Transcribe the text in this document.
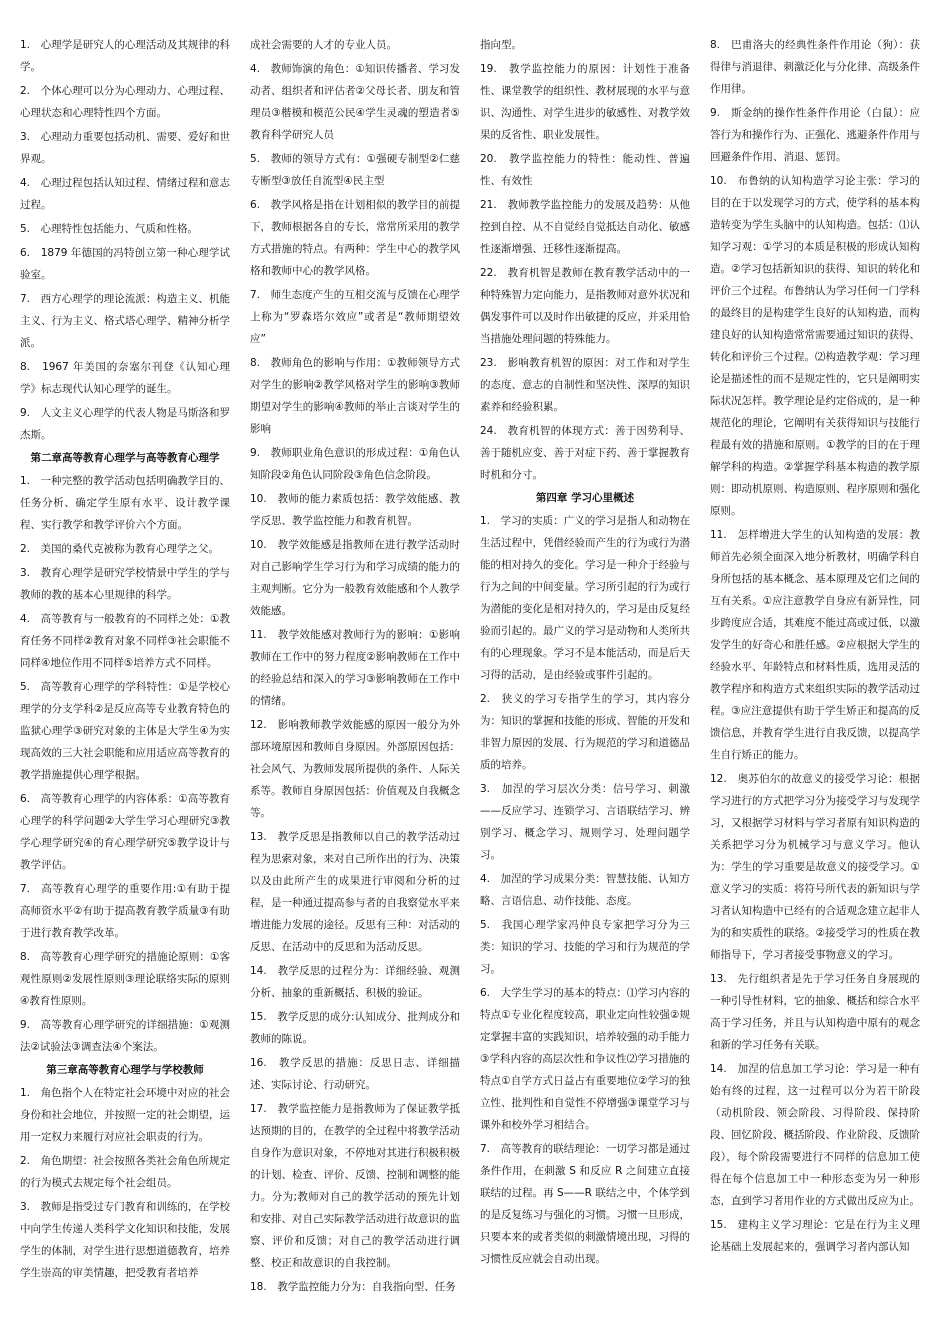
1.　心理学是研究人的心理活动及其规律的科学。

2.　个体心理可以分为心理动力、心理过程、心理状态和心理特性四个方面。

3.　心理动力重要包括动机、需要、爱好和世界观。

4.　心理过程包括认知过程、情绪过程和意志过程。

5.　心理特性包括能力、气质和性格。

6.　1879 年德国的冯特创立第一种心理学试验室。

7.　西方心理学的理论流派：构造主义、机能主义、行为主义、格式塔心理学、精神分析学派。

8.　1967 年美国的奈塞尔刊登《认知心理学》标志现代认知心理学的诞生。

9.　人文主义心理学的代表人物是马斯洛和罗杰斯。

第二章高等教育心理学与高等教育心理学

1.　一种完整的教学活动包括明确教学目的、任务分析、确定学生原有水平、设计教学课程、实行教学和教学评价六个方面。

2.　美国的桑代克被称为教育心理学之父。

3.　教育心理学是研究学校情景中学生的学与教师的教的基本心里规律的科学。

4.　高等教育与一般教育的不同样之处：①教育任务不同样②教育对象不同样③社会职能不同样④地位作用不同样⑤培养方式不同样。

5.　高等教育心理学的学科特性：①是学校心理学的分支学科②是反应高等专业教育特色的监狱心理学③研究对象的主体是大学生④为实现高效的三大社会职能和应用适应高等教育的教学措施提供心理学根据。

6.　高等教育心理学的内容体系：①高等教育心理学的科学问题②大学生学习心理研究③教学心理学研究④的育心理学研究⑤教学设计与教学评估。

7.　高等教育心理学的重要作用:①有助于提高师资水平②有助于提高教育教学质量③有助于进行教育教学改革。

8.　高等教育心理学研究的措施论原则：①客观性原则②发展性原则③理论联络实际的原则④教育性原则。

9.　高等教育心理学研究的详细措施：①观测法②试验法③调查法④个案法。

第三章高等教育心理学与学校教师

1.　角色指个人在特定社会环境中对应的社会身份和社会地位，并按照一定的社会期望，运用一定权力来履行对应社会职责的行为。

2.　角色期望：社会按照各类社会角色所规定的行为模式去规定每个社会组员。

3.　教师是指受过专门教育和训练的，在学校中向学生传递人类科学文化知识和技能，发展学生的体制，对学生进行思想道德教育，培养学生崇高的审美情趣，把受教育者培养

成社会需要的人才的专业人员。

4.　教师饰演的角色：①知识传播者、学习发动者、组织者和评估者②父母长者、朋友和管理员③楷模和模范公民④学生灵魂的塑造者⑤教育科学研究人员

5.　教师的领导方式有：①强硬专制型②仁慈专断型③放任自流型④民主型

6.　教学风格是指在计划相似的教学目的前提下，教师根据各自的专长，常常所采用的教学方式措施的特点。有两种：学生中心的教学风格和教师中心的教学风格。

7.　师生态度产生的互相交流与反馈在心理学上称为“罗森塔尔效应”或者是“教师期望效应”

8.　教师角色的影响与作用：①教师领导方式对学生的影响②教学风格对学生的影响③教师期望对学生的影响④教师的举止言谈对学生的影响

9.　教师职业角色意识的形成过程：①角色认知阶段②角色认同阶段③角色信念阶段。

10.　教师的能力素质包括：教学效能感、教学反思、教学监控能力和教育机智。

10.　教学效能感是指教师在进行教学活动时对自己影响学生学习行为和学习成绩的能力的主观判断。它分为一般教育效能感和个人教学效能感。

11.　教学效能感对教师行为的影响：①影响教师在工作中的努力程度②影响教师在工作中的经验总结和深入的学习③影响教师在工作中的情绪。

12.　影响教师教学效能感的原因一般分为外部环境原因和教师自身原因。外部原因包括：社会风气、为教师发展所提供的条件、人际关系等。教师自身原因包括：价值观及自我概念等。

13.　教学反思是指教师以自己的教学活动过程为思索对象，来对自己所作出的行为、决策以及由此所产生的成果进行审阅和分析的过程，是一种通过提高参与者的自我察觉水平来增进能力发展的途径。反思有三种：对活动的反思、在活动中的反思和为活动反思。

14.　教学反思的过程分为：详细经验、观测分析、抽象的重新概括、积极的验证。

15.　教学反思的成分:认知成分、批判成分和教师的陈说。

16.　教学反思的措施：反思日志、详细描述、实际讨论、行动研究。

17.　教学监控能力是指教师为了保证教学抵达预期的目的，在教学的全过程中将教学活动自身作为意识对象，不停地对其进行积极积极的计划、检查、评价、反馈、控制和调整的能力。分为;教师对自己的教学活动的预先计划和安排、对自己实际教学活动进行故意识的监察、评价和反馈；对自己的教学活动进行调整、校正和故意识的自我控制。

18.　教学监控能力分为：自我指向型、任务

指向型。

19.　教学监控能力的原因：计划性于准备性、课堂教学的组织性、教材展现的水平与意识、沟通性、对学生进步的敏感性、对教学效果的反省性、职业发展性。

20.　教学监控能力的特性：能动性、普遍性、有效性

21.　教师教学监控能力的发展及趋势：从他控到自控、从不自觉经自觉抵达自动化、敏感性逐渐增强、迁移性逐渐提高。

22.　教育机智是教师在教育教学活动中的一种特殊智力定向能力，是指教师对意外状况和偶发事件可以及时作出敏捷的反应，并采用恰当措施处理问题的特殊能力。

23.　影响教育机智的原因：对工作和对学生的态度、意志的自制性和坚决性、深厚的知识素养和经验积累。

24.　教育机智的体现方式：善于因势利导、善于随机应变、善于对症下药、善于掌握教育时机和分寸。

第四章 学习心里概述

1.　学习的实质：广义的学习是指人和动物在生活过程中，凭借经验而产生的行为或行为潜能的相对持久的变化。学习是一种介于经验与行为之间的中间变量。学习所引起的行为或行为潜能的变化是相对持久的，学习是由反复经验而引起的。最广义的学习是动物和人类所共有的心理现象。学习不是本能活动，而是后天习得的活动，是由经验或事件引起的。

2.　狭义的学习专指学生的学习，其内容分为：知识的掌握和技能的形成、智能的开发和非智力原因的发展、行为规范的学习和道德品质的培养。

3.　加涅的学习层次分类：信号学习、刺激——反应学习、连锁学习、言语联结学习、辨别学习、概念学习、规则学习、处理问题学习。

4.　加涅的学习成果分类：智慧技能、认知方略、言语信息、动作技能、态度。

5.　我国心理学家冯仲良专家把学习分为三类：知识的学习、技能的学习和行为规范的学习。

6.　大学生学习的基本的特点：⑴学习内容的特点①专业化程度较高，职业定向性较强②规定掌握丰富的实践知识，培养较强的动手能力③学科内容的高层次性和争议性⑵学习措施的特点①自学方式日益占有重要地位②学习的独立性、批判性和自觉性不停增强③课堂学习与课外和校外学习相结合。

7.　高等教育的联结理论：一切学习都是通过条件作用，在刺激 S 和反应 R 之间建立直接联结的过程。再 S——R 联结之中，个体学到的是反复练习与强化的习惯。习惯一旦形成，只要本来的或者类似的刺激情境出现，习得的习惯性反应就会自动出现。

8.　巴甫洛夫的经典性条件作用论（狗）：获得律与消退律、刺激泛化与分化律、高级条件作用律。

9.　斯金纳的操作性条件作用论（白鼠）：应答行为和操作行为、正强化、逃避条件作用与回避条件作用、消退、惩罚。

10.　布鲁纳的认知构造学习论主张：学习的目的在于以发现学习的方式，使学科的基本构造转变为学生头脑中的认知构造。包括：⑴认知学习观：①学习的本质是积极的形成认知构造。②学习包括新知识的获得、知识的转化和评价三个过程。布鲁纳认为学习任何一门学科的最终目的是构建学生良好的认知构造，而构建良好的认知构造常常需要通过知识的获得、转化和评价三个过程。⑵构造教学观：学习理论是描述性的而不是规定性的，它只是阐明实际状况怎样。教学理论是约定俗成的，是一种规范化的理论，它阐明有关获得知识与技能行程最有效的措施和原则。①教学的目的在于理解学科的构造。②掌握学科基本构造的教学原则：即动机原则、构造原则、程序原则和强化原则。

11.　怎样增进大学生的认知构造的发展：教师首先必须全面深入地分析教材，明确学科自身所包括的基本概念、基本原理及它们之间的互有关系。①应注意教学自身应有新异性，同步跨度应合适，其难度不能过高或过低，以激发学生的好奇心和胜任感。②应根据大学生的经验水平、年龄特点和材料性质，选用灵活的教学程序和构造方式来组织实际的教学活动过程。③应注意提供有助于学生矫正和提高的反馈信息，并教育学生进行自我反馈，以提高学生自行矫正的能力。

12.　奥苏伯尔的故意义的接受学习论：根据学习进行的方式把学习分为接受学习与发现学习，又根据学习材料与学习者原有知识构造的关系把学习分为机械学习与意义学习。他认为：学生的学习重要是故意义的接受学习。①意义学习的实质：将符号所代表的新知识与学习者认知构造中已经有的合适观念建立起非人为的和实质性的联络。②接受学习的性质在教师指导下，学习者接受事物意义的学习。

13.　先行组织者是先于学习任务自身展现的一种引导性材料，它的抽象、概括和综合水平高于学习任务，并且与认知构造中原有的观念和新的学习任务有关联。

14.　加涅的信息加工学习论：学习是一种有始有终的过程，这一过程可以分为若干阶段（动机阶段、领会阶段、习得阶段、保持阶段、回忆阶段、概括阶段、作业阶段、反馈阶段），每个阶段需要进行不同样的信息加工使得在每个信息加工中一种形态变为另一种形态，直到学习者用作业的方式做出反应为止。

15.　建构主义学习理论：它是在行为主义理论基础上发展起来的，强调学习者内部认知
